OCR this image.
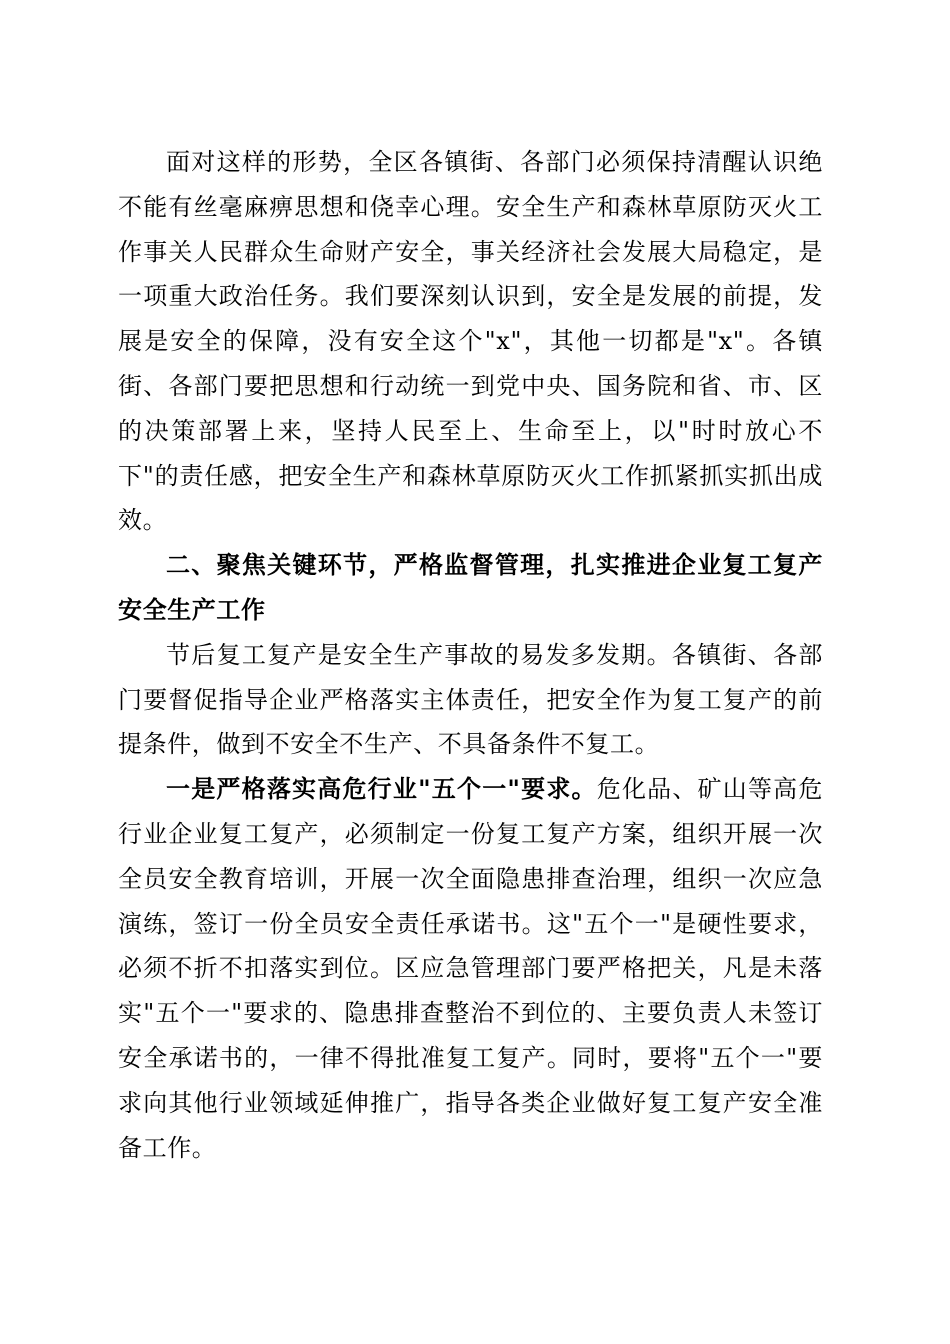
面对这样的形势，全区各镇街、各部门必须保持清醒认识绝不能有丝毫麻痹思想和侥幸心理。安全生产和森林草原防灭火工作事关人民群众生命财产安全，事关经济社会发展大局稳定，是一项重大政治任务。我们要深刻认识到，安全是发展的前提，发展是安全的保障，没有安全这个"x"，其他一切都是"x"。各镇街、各部门要把思想和行动统一到党中央、国务院和省、市、区的决策部署上来，坚持人民至上、生命至上，以"时时放心不下"的责任感，把安全生产和森林草原防灭火工作抓紧抓实抓出成效。

二、聚焦关键环节，严格监督管理，扎实推进企业复工复产安全生产工作

节后复工复产是安全生产事故的易发多发期。各镇街、各部门要督促指导企业严格落实主体责任，把安全作为复工复产的前提条件，做到不安全不生产、不具备条件不复工。

一是严格落实高危行业"五个一"要求。危化品、矿山等高危行业企业复工复产，必须制定一份复工复产方案，组织开展一次全员安全教育培训，开展一次全面隐患排查治理，组织一次应急演练，签订一份全员安全责任承诺书。这"五个一"是硬性要求，必须不折不扣落实到位。区应急管理部门要严格把关，凡是未落实"五个一"要求的、隐患排查整治不到位的、主要负责人未签订安全承诺书的，一律不得批准复工复产。同时，要将"五个一"要求向其他行业领域延伸推广，指导各类企业做好复工复产安全准备工作。
